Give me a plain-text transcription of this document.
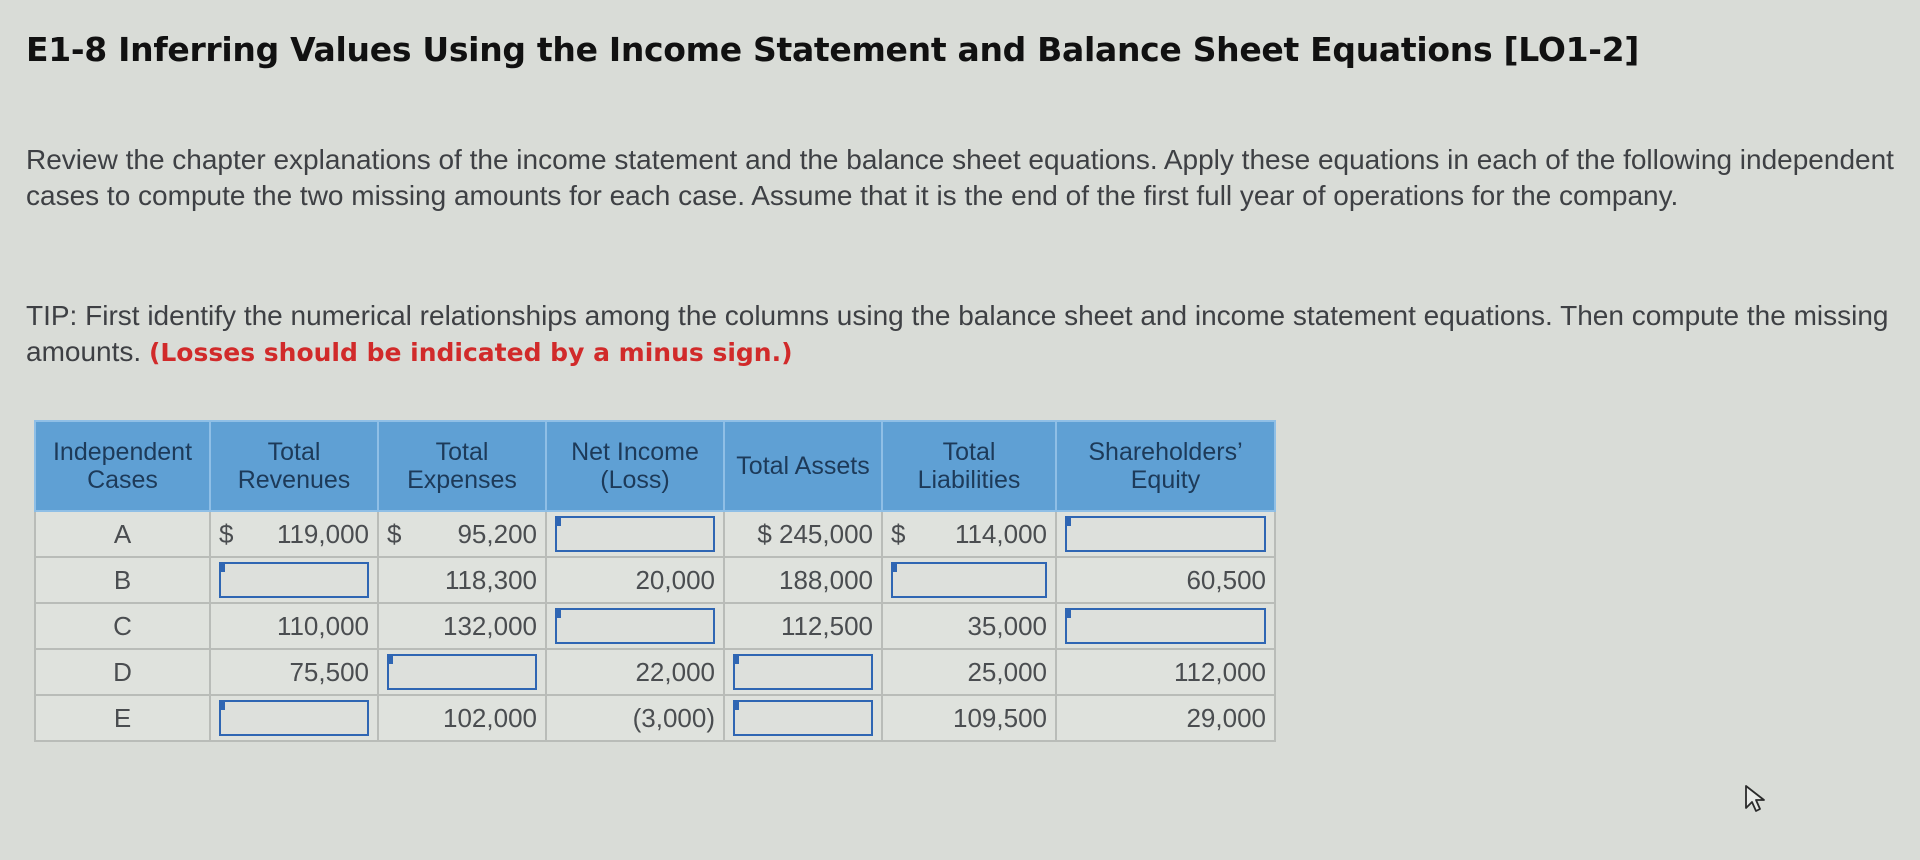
E1-8 Inferring Values Using the Income Statement and Balance Sheet Equations [LO1-2]
Review the chapter explanations of the income statement and the balance sheet equations. Apply these equations in each of the following independent cases to compute the two missing amounts for each case. Assume that it is the end of the first full year of operations for the company.
TIP: First identify the numerical relationships among the columns using the balance sheet and income statement equations. Then compute the missing amounts. (Losses should be indicated by a minus sign.)
Independent Cases	Total Revenues	Total Expenses	Net Income (Loss)	Total Assets	Total Liabilities	Shareholders’ Equity
A	$ 119,000	$ 95,200		$ 245,000	$ 114,000	

B		118,300	20,000	188,000		60,500
C	110,000	132,000		112,500	35,000	

D	75,500		22,000		25,000	112,000
E		102,000	(3,000)		109,500	29,000
